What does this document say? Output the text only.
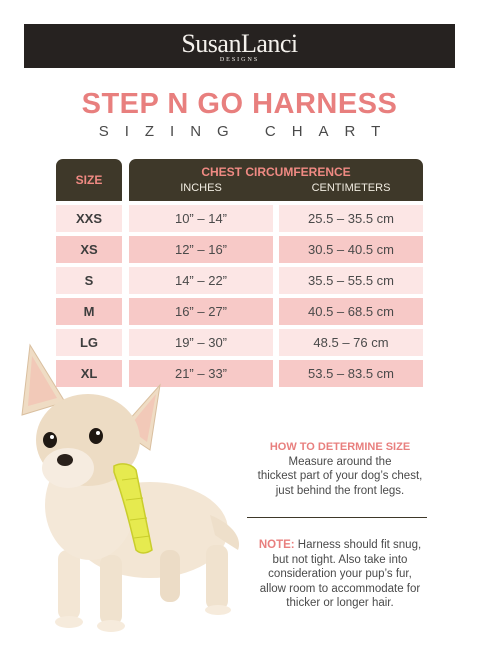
SusanLanci
DESIGNS
STEP N GO HARNESS
SIZING CHART
SIZE
CHEST CIRCUMFERENCE
INCHES	CENTIMETERS
XXS	10” – 14”	25.5 – 35.5 cm
XS	12” – 16”	30.5 – 40.5 cm
S	14” – 22”	35.5 – 55.5 cm
M	16” – 27”	40.5 – 68.5 cm
LG	19” – 30”	48.5 – 76 cm
XL	21” – 33”	53.5 – 83.5 cm
HOW TO DETERMINE SIZE
Measure around the
thickest part of your dog’s chest,
just behind the front legs.
NOTE: Harness should fit snug,
but not tight. Also take into
consideration your pup’s fur,
allow room to accommodate for
thicker or longer hair.
